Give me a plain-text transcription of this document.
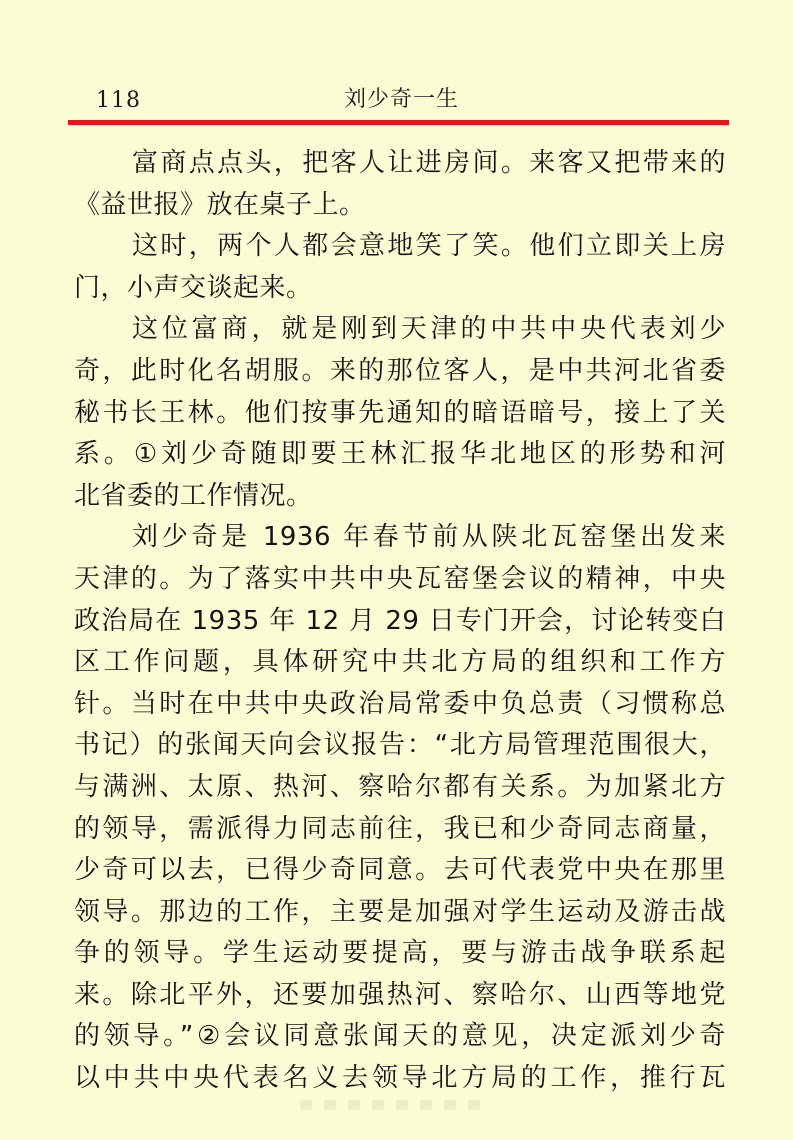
118	刘少奇一生

富商点点头，把客人让进房间。来客又把带来的
《益世报》放在桌子上。

这时，两个人都会意地笑了笑。他们立即关上房
门，小声交谈起来。

这位富商，就是刚到天津的中共中央代表刘少
奇，此时化名胡服。来的那位客人，是中共河北省委
秘书长王林。他们按事先通知的暗语暗号，接上了关
系。①刘少奇随即要王林汇报华北地区的形势和河
北省委的工作情况。

刘少奇是 1936 年春节前从陕北瓦窑堡出发来
天津的。为了落实中共中央瓦窑堡会议的精神，中央
政治局在 1935 年 12 月 29 日专门开会，讨论转变白
区工作问题，具体研究中共北方局的组织和工作方
针。当时在中共中央政治局常委中负总责（习惯称总
书记）的张闻天向会议报告：“北方局管理范围很大，
与满洲、太原、热河、察哈尔都有关系。为加紧北方
的领导，需派得力同志前往，我已和少奇同志商量，
少奇可以去，已得少奇同意。去可代表党中央在那里
领导。那边的工作，主要是加强对学生运动及游击战
争的领导。学生运动要提高，要与游击战争联系起
来。除北平外，还要加强热河、察哈尔、山西等地党
的领导。”②会议同意张闻天的意见，决定派刘少奇
以中共中央代表名义去领导北方局的工作，推行瓦
